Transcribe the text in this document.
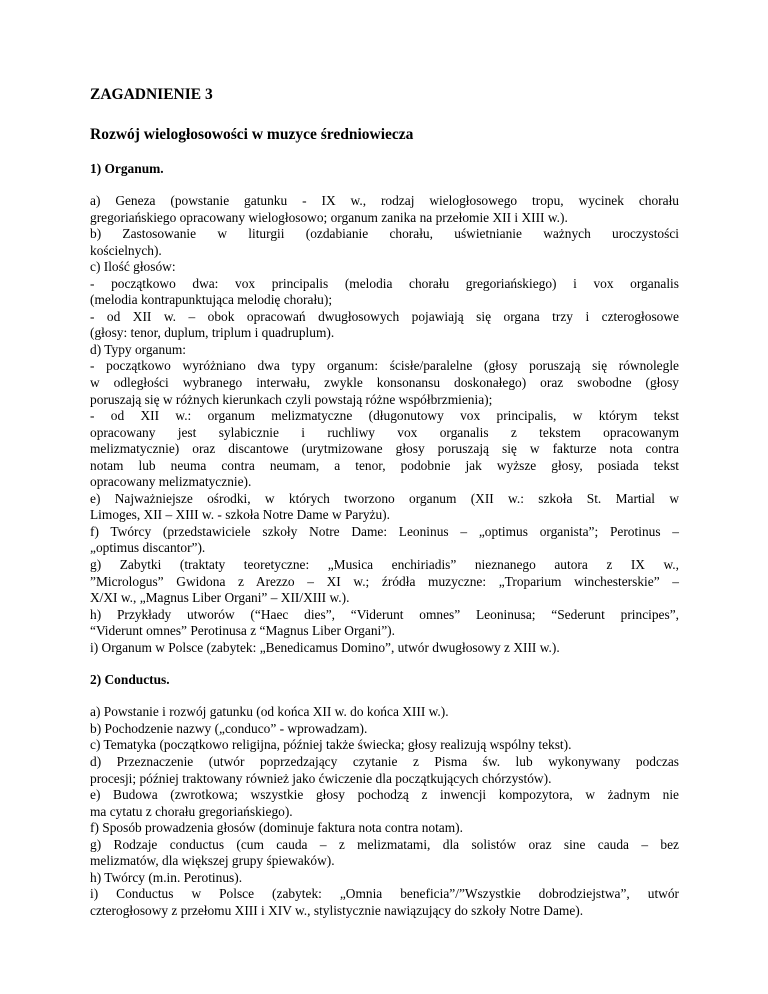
ZAGADNIENIE 3
Rozwój wielogłosowości w muzyce średniowiecza
1) Organum.
a) Geneza (powstanie gatunku - IX w., rodzaj wielogłosowego tropu, wycinek chorału
gregoriańskiego opracowany wielogłosowo; organum zanika na przełomie XII i XIII w.).
b) Zastosowanie w liturgii (ozdabianie chorału, uświetnianie ważnych uroczystości
kościelnych).
c) Ilość głosów:
- początkowo dwa: vox principalis (melodia chorału gregoriańskiego) i vox organalis
(melodia kontrapunktująca melodię chorału);
- od XII w. – obok opracowań dwugłosowych pojawiają się organa trzy i czterogłosowe
(głosy: tenor, duplum, triplum i quadruplum).
d) Typy organum:
- początkowo wyróżniano dwa typy organum: ścisłe/paralelne (głosy poruszają się równolegle
w odległości wybranego interwału, zwykle konsonansu doskonałego) oraz swobodne (głosy
poruszają się w różnych kierunkach czyli powstają różne współbrzmienia);
- od XII w.: organum melizmatyczne (długonutowy vox principalis, w którym tekst
opracowany jest sylabicznie i ruchliwy vox organalis z tekstem opracowanym
melizmatycznie) oraz discantowe (urytmizowane głosy poruszają się w fakturze nota contra
notam lub neuma contra neumam, a tenor, podobnie jak wyższe głosy, posiada tekst
opracowany melizmatycznie).
e) Najważniejsze ośrodki, w których tworzono organum (XII w.: szkoła St. Martial w
Limoges, XII – XIII w. - szkoła Notre Dame w Paryżu).
f) Twórcy (przedstawiciele szkoły Notre Dame: Leoninus – „optimus organista”; Perotinus –
„optimus discantor”).
g) Zabytki (traktaty teoretyczne: „Musica enchiriadis” nieznanego autora z IX w.,
”Micrologus” Gwidona z Arezzo – XI w.; źródła muzyczne: „Troparium winchesterskie” –
X/XI w., „Magnus Liber Organi” – XII/XIII w.).
h) Przykłady utworów (“Haec dies”, “Viderunt omnes” Leoninusa; “Sederunt principes”,
“Viderunt omnes” Perotinusa z “Magnus Liber Organi”).
i) Organum w Polsce (zabytek: „Benedicamus Domino”, utwór dwugłosowy z XIII w.).
2) Conductus.
a) Powstanie i rozwój gatunku (od końca XII w. do końca XIII w.).
b) Pochodzenie nazwy („conduco” - wprowadzam).
c) Tematyka (początkowo religijna, później także świecka; głosy realizują wspólny tekst).
d) Przeznaczenie (utwór poprzedzający czytanie z Pisma św. lub wykonywany podczas
procesji; później traktowany również jako ćwiczenie dla początkujących chórzystów).
e) Budowa (zwrotkowa; wszystkie głosy pochodzą z inwencji kompozytora, w żadnym nie
ma cytatu z chorału gregoriańskiego).
f) Sposób prowadzenia głosów (dominuje faktura nota contra notam).
g) Rodzaje conductus (cum cauda – z melizmatami, dla solistów oraz sine cauda – bez
melizmatów, dla większej grupy śpiewaków).
h) Twórcy (m.in. Perotinus).
i) Conductus w Polsce (zabytek: „Omnia beneficia”/”Wszystkie dobrodziejstwa”, utwór
czterogłosowy z przełomu XIII i XIV w., stylistycznie nawiązujący do szkoły Notre Dame).
